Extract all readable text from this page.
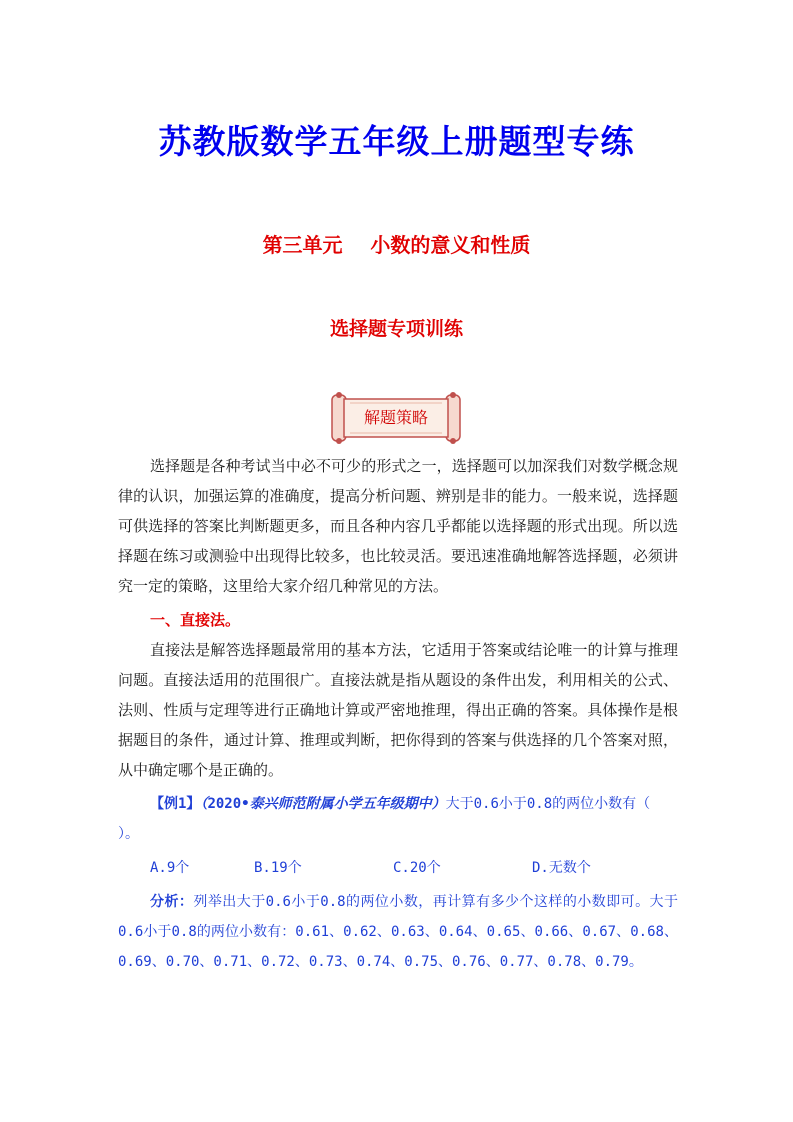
苏教版数学五年级上册题型专练
第三单元    小数的意义和性质
选择题专项训练
解题策略

选择题是各种考试当中必不可少的形式之一，选择题可以加深我们对数学概念规律的认识，加强运算的准确度，提高分析问题、辨别是非的能力。一般来说，选择题可供选择的答案比判断题更多，而且各种内容几乎都能以选择题的形式出现。所以选择题在练习或测验中出现得比较多，也比较灵活。要迅速准确地解答选择题，必须讲究一定的策略，这里给大家介绍几种常见的方法。

一、直接法。

直接法是解答选择题最常用的基本方法，它适用于答案或结论唯一的计算与推理问题。直接法适用的范围很广。直接法就是指从题设的条件出发，利用相关的公式、法则、性质与定理等进行正确地计算或严密地推理，得出正确的答案。具体操作是根据题目的条件，通过计算、推理或判断，把你得到的答案与供选择的几个答案对照，从中确定哪个是正确的。

【例1】（2020•泰兴师范附属小学五年级期中）大于0.6小于0.8的两位小数有（ ）。
A.9个	B.19个	C.20个	D.无数个
分析：列举出大于0.6小于0.8的两位小数，再计算有多少个这样的小数即可。大于0.6小于0.8的两位小数有：0.61、0.62、0.63、0.64、0.65、0.66、0.67、0.68、0.69、0.70、0.71、0.72、0.73、0.74、0.75、0.76、0.77、0.78、0.79。
